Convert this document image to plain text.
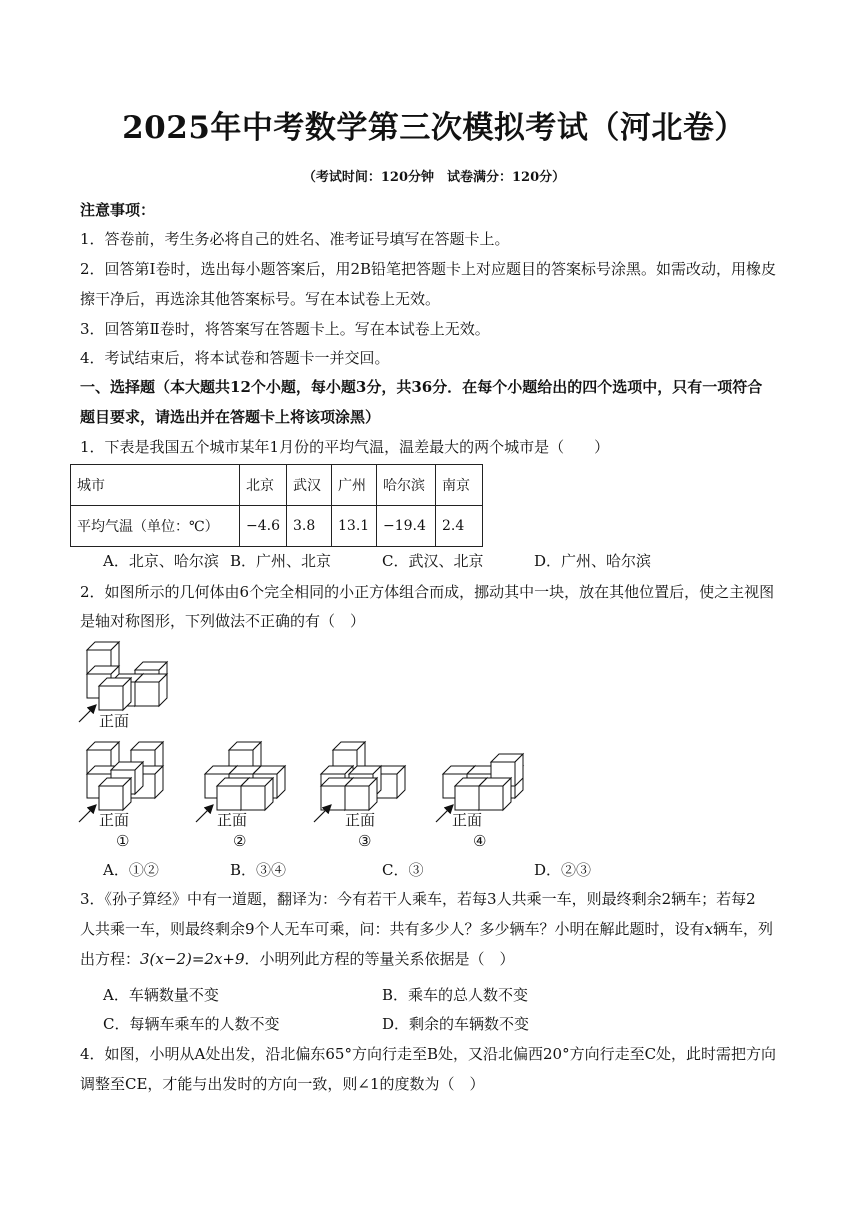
2025年中考数学第三次模拟考试（河北卷）
（考试时间：120分钟　试卷满分：120分）
注意事项：
1．答卷前，考生务必将自己的姓名、准考证号填写在答题卡上。
2．回答第Ⅰ卷时，选出每小题答案后，用2B铅笔把答题卡上对应题目的答案标号涂黑。如需改动，用橡皮
擦干净后，再选涂其他答案标号。写在本试卷上无效。
3．回答第Ⅱ卷时，将答案写在答题卡上。写在本试卷上无效。
4．考试结束后，将本试卷和答题卡一并交回。
一、选择题（本大题共12个小题，每小题3分，共36分．在每个小题给出的四个选项中，只有一项符合
题目要求，请选出并在答题卡上将该项涂黑）
1．下表是我国五个城市某年1月份的平均气温，温差最大的两个城市是（　　）
城市	北京	武汉	广州	哈尔滨	南京
平均气温（单位：℃）	−4.6	3.8	13.1	−19.4	2.4
A．北京、哈尔滨 B．广州、北京	C．武汉、北京	D．广州、哈尔滨
2．如图所示的几何体由6个完全相同的小正方体组合而成，挪动其中一块，放在其他位置后，使之主视图
是轴对称图形，下列做法不正确的有（　）
正面
正面	正面	正面	正面
①	②	③	④
A．①②	B．③④	C．③	D．②③
3．《孙子算经》中有一道题，翻译为：今有若干人乘车，若每3人共乘一车，则最终剩余2辆车；若每2
人共乘一车，则最终剩余9个人无车可乘，问：共有多少人？多少辆车？小明在解此题时，设有x辆车，列
出方程：3(x−2)=2x+9．小明列此方程的等量关系依据是（　）
A．车辆数量不变	B．乘车的总人数不变
C．每辆车乘车的人数不变	D．剩余的车辆数不变
4．如图，小明从A处出发，沿北偏东65°方向行走至B处，又沿北偏西20°方向行走至C处，此时需把方向
调整至CE，才能与出发时的方向一致，则∠1的度数为（　）
